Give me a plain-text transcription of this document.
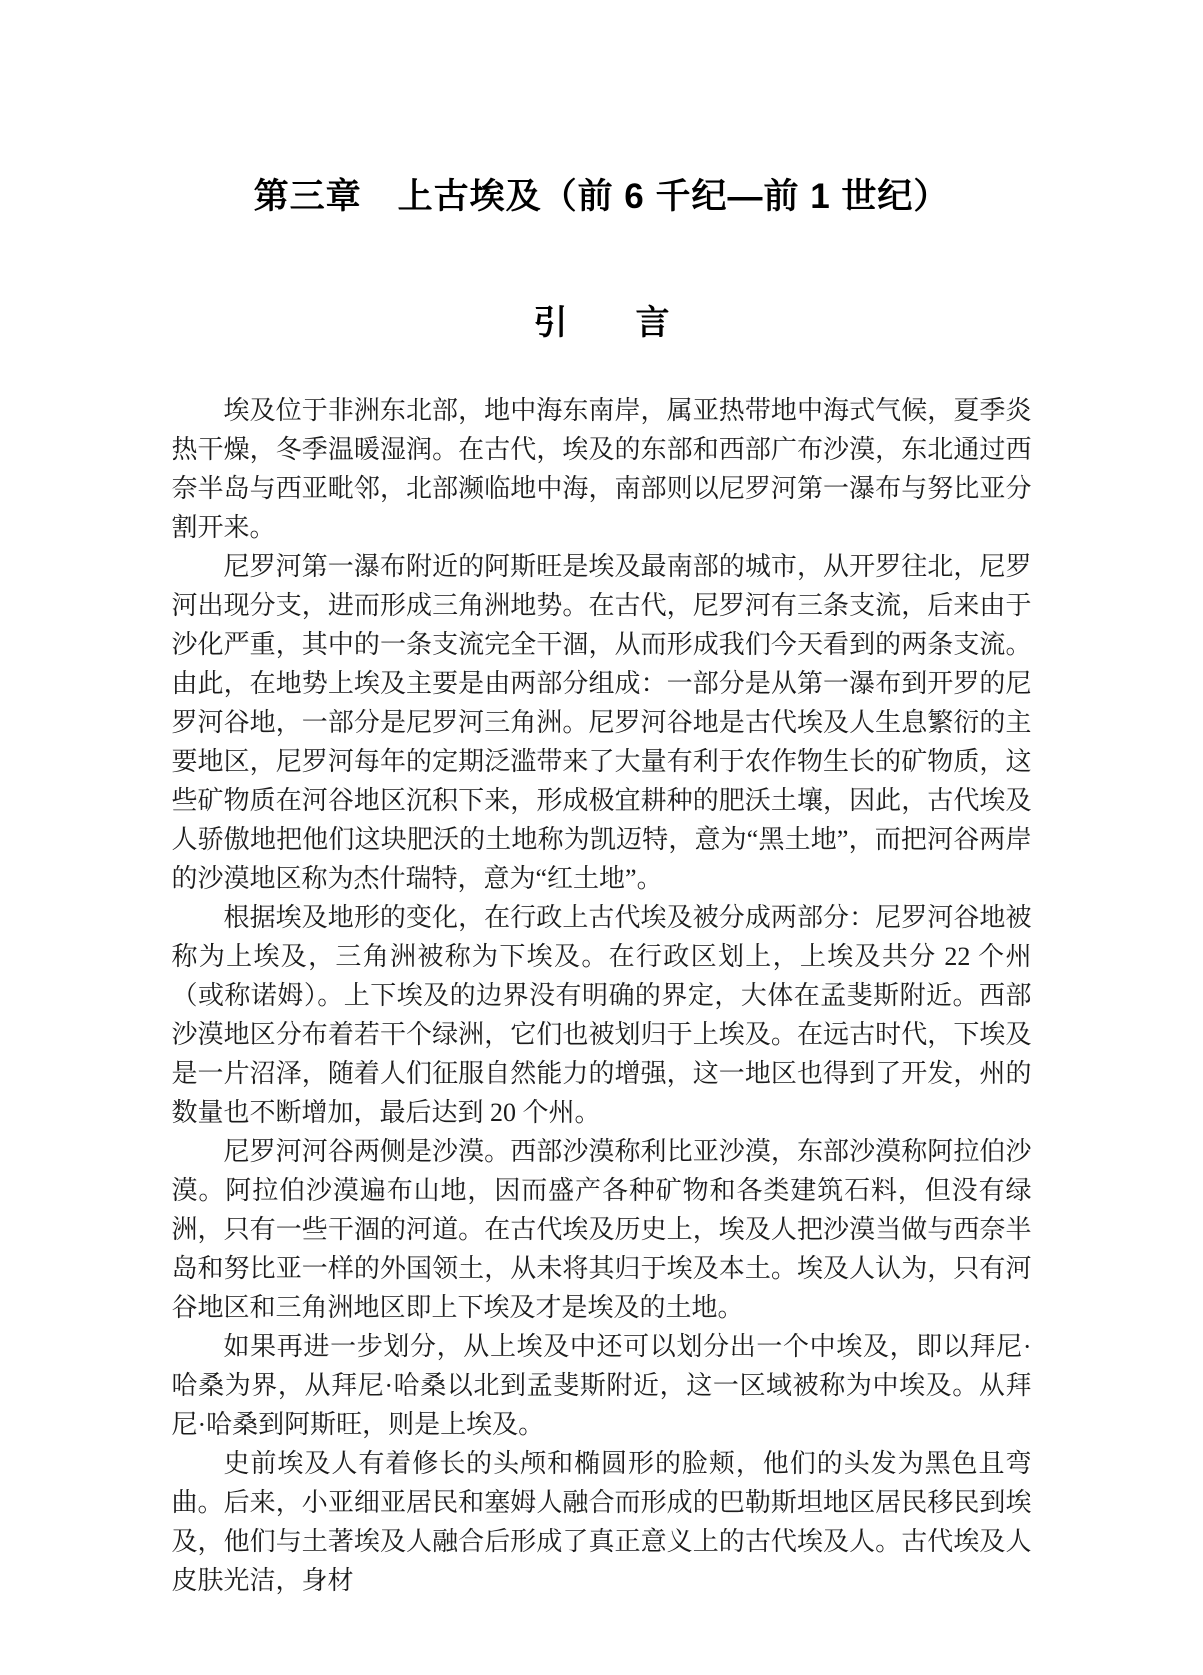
第三章　上古埃及（前 6 千纪—前 1 世纪）
引　　言

埃及位于非洲东北部，地中海东南岸，属亚热带地中海式气候，夏季炎热干燥，冬季温暖湿润。在古代，埃及的东部和西部广布沙漠，东北通过西奈半岛与西亚毗邻，北部濒临地中海，南部则以尼罗河第一瀑布与努比亚分割开来。

尼罗河第一瀑布附近的阿斯旺是埃及最南部的城市，从开罗往北，尼罗河出现分支，进而形成三角洲地势。在古代，尼罗河有三条支流，后来由于沙化严重，其中的一条支流完全干涸，从而形成我们今天看到的两条支流。由此，在地势上埃及主要是由两部分组成：一部分是从第一瀑布到开罗的尼罗河谷地，一部分是尼罗河三角洲。尼罗河谷地是古代埃及人生息繁衍的主要地区，尼罗河每年的定期泛滥带来了大量有利于农作物生长的矿物质，这些矿物质在河谷地区沉积下来，形成极宜耕种的肥沃土壤，因此，古代埃及人骄傲地把他们这块肥沃的土地称为凯迈特，意为“黑土地”，而把河谷两岸的沙漠地区称为杰什瑞特，意为“红土地”。

根据埃及地形的变化，在行政上古代埃及被分成两部分：尼罗河谷地被称为上埃及，三角洲被称为下埃及。在行政区划上，上埃及共分 22 个州（或称诺姆）。上下埃及的边界没有明确的界定，大体在孟斐斯附近。西部沙漠地区分布着若干个绿洲，它们也被划归于上埃及。在远古时代，下埃及是一片沼泽，随着人们征服自然能力的增强，这一地区也得到了开发，州的数量也不断增加，最后达到 20 个州。

尼罗河河谷两侧是沙漠。西部沙漠称利比亚沙漠，东部沙漠称阿拉伯沙漠。阿拉伯沙漠遍布山地，因而盛产各种矿物和各类建筑石料，但没有绿洲，只有一些干涸的河道。在古代埃及历史上，埃及人把沙漠当做与西奈半岛和努比亚一样的外国领土，从未将其归于埃及本土。埃及人认为，只有河谷地区和三角洲地区即上下埃及才是埃及的土地。

如果再进一步划分，从上埃及中还可以划分出一个中埃及，即以拜尼·哈桑为界，从拜尼·哈桑以北到孟斐斯附近，这一区域被称为中埃及。从拜尼·哈桑到阿斯旺，则是上埃及。

史前埃及人有着修长的头颅和椭圆形的脸颊，他们的头发为黑色且弯曲。后来，小亚细亚居民和塞姆人融合而形成的巴勒斯坦地区居民移民到埃及，他们与土著埃及人融合后形成了真正意义上的古代埃及人。古代埃及人皮肤光洁，身材
